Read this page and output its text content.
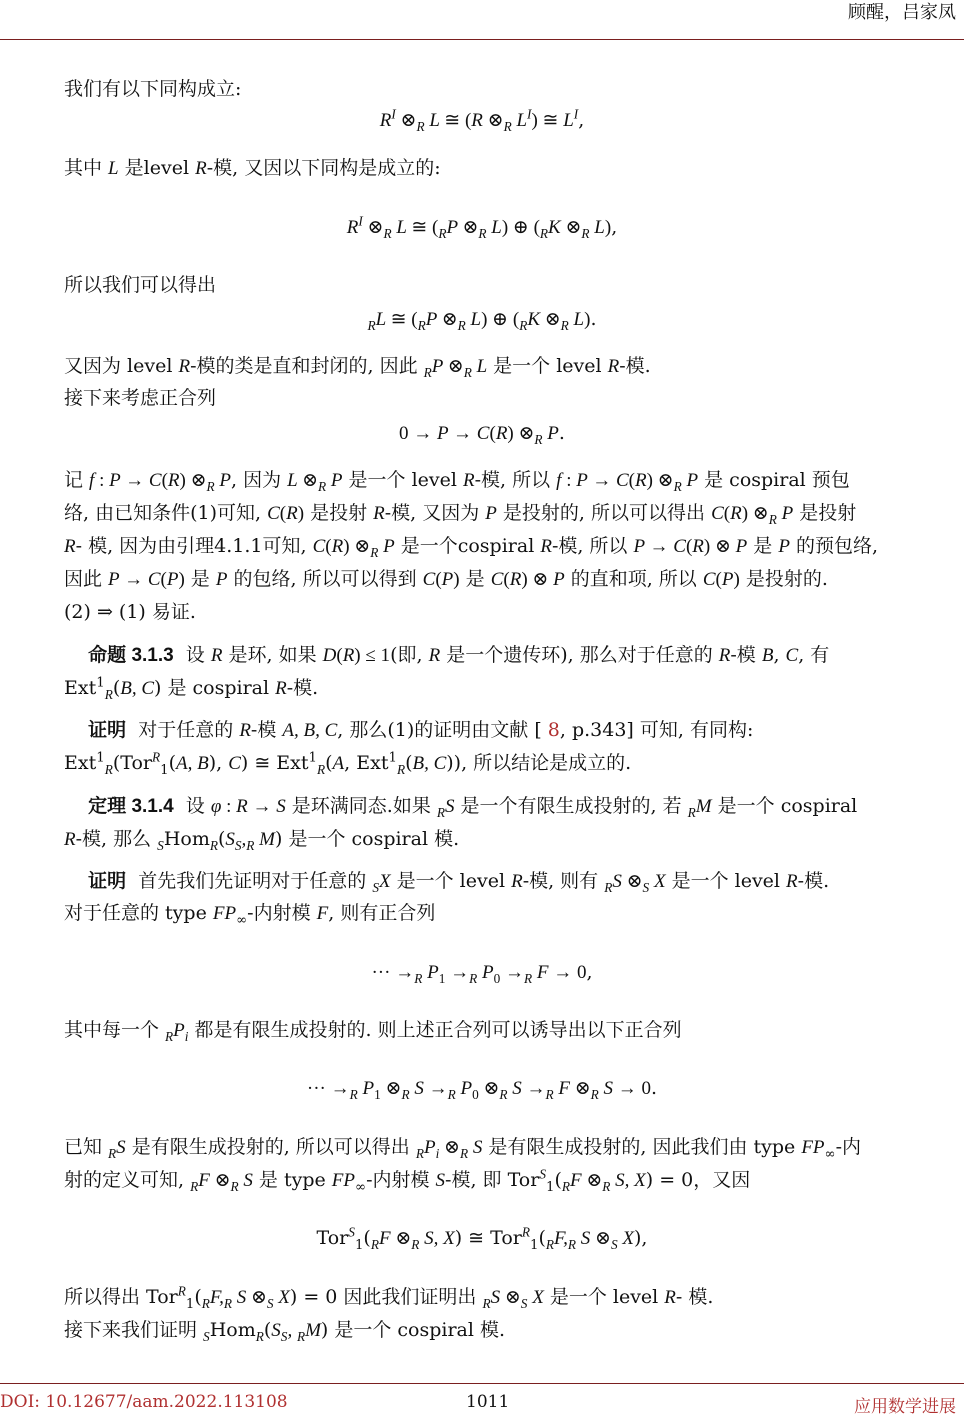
顾醒，吕家凤
我们有以下同构成立:
$R^I$ $\otimes_R$ L ≅ (R $\otimes_R$ $L^I$) ≅ $L^I$,
其中 L 是level R-模, 又因以下同构是成立的:
$R^I$ $\otimes_R$ L ≅ ($_RP$ $\otimes_R$ L) ⊕ ($_RK$ $\otimes_R$ L),
所以我们可以得出
$_R$L ≅ ($_RP$ $\otimes_R$ L) ⊕ ($_RK$ $\otimes_R$ L).
又因为 level R-模的类是直和封闭的, 因此 $_R$P $\otimes_R$ L 是一个 level R-模.
接下来考虑正合列
0 → P → C(R) $\otimes_R$ P.
记 f : P → C(R) $\otimes_R$ P, 因为 L $\otimes_R$ P 是一个 level R-模, 所以 f : P → C(R) $\otimes_R$ P 是 cospiral 预包
络, 由已知条件(1)可知, C(R) 是投射 R-模, 又因为 P 是投射的, 所以可以得出 C(R) $\otimes_R$ P 是投射
R- 模, 因为由引理4.1.1可知, C(R) $\otimes_R$ P 是一个cospiral R-模, 所以 P → C(R) ⊗ P 是 P 的预包络,
因此 P → C(P) 是 P 的包络, 所以可以得到 C(P) 是 C(R) ⊗ P 的直和项, 所以 C(P) 是投射的.
(2) ⇒ (1) 易证.
命题 3.1.3  设 R 是环, 如果 D(R) ≤ 1(即, R 是一个遗传环), 那么对于任意的 R-模 B, C, 有
Ext$^1_R$(B, C) 是 cospiral R-模.
证明  对于任意的 R-模 A, B, C, 那么(1)的证明由文献 [ 8, p.343] 可知, 有同构:
Ext$^1_R$(Tor$^R_1$(A, B), C) ≅ Ext$^1_R$(A, Ext$^1_R$(B, C)), 所以结论是成立的.
定理 3.1.4  设 φ : R → S 是环满同态.如果 $_R$S 是一个有限生成投射的, 若 $_R$M 是一个 cospiral
R-模, 那么 $_SHom_R(S_S,_R$ M) 是一个 cospiral 模.
证明  首先我们先证明对于任意的 $_S$X 是一个 level R-模, 则有 $_R$S $\otimes_S$ X 是一个 level R-模.
对于任意的 type $FP_\infty-$内射模 F, 则有正合列
··· $\to_R$ $P_1 \to_R$ $P_0 \to_R$ F → 0,
其中每一个 $_RP_i$ 都是有限生成投射的. 则上述正合列可以诱导出以下正合列
··· $\to_R$ $P_1$ $\otimes_R$ $S \to_R$ $P_0$ $\otimes_R$ $S \to_R$ F $\otimes_R$ S → 0.
已知 $_R$S 是有限生成投射的, 所以可以得出 $_RP_i$ $\otimes_R$ S 是有限生成投射的, 因此我们由 type $FP_\infty-$内
射的定义可知, $_R$F $\otimes_R$ S 是 type $FP_\infty-$内射模 S-模, 即 $Tor^S_1(_RF$ $\otimes_R$ S, X) = 0，又因
$Tor^S_1(_RF$ $\otimes_R$ S, X) ≅ $Tor^R_1(_RF,_R$ S $\otimes_S$ X),
所以得出 $Tor^R_1(_RF,_R$ S $\otimes_S$ X) = 0 因此我们证明出 $_R$S $\otimes_S$ X 是一个 level R- 模.
接下来我们证明 $_SHom_R(S_S$, $_R$M) 是一个 cospiral 模.
DOI: 10.12677/aam.2022.113108	1011	应用数学进展
